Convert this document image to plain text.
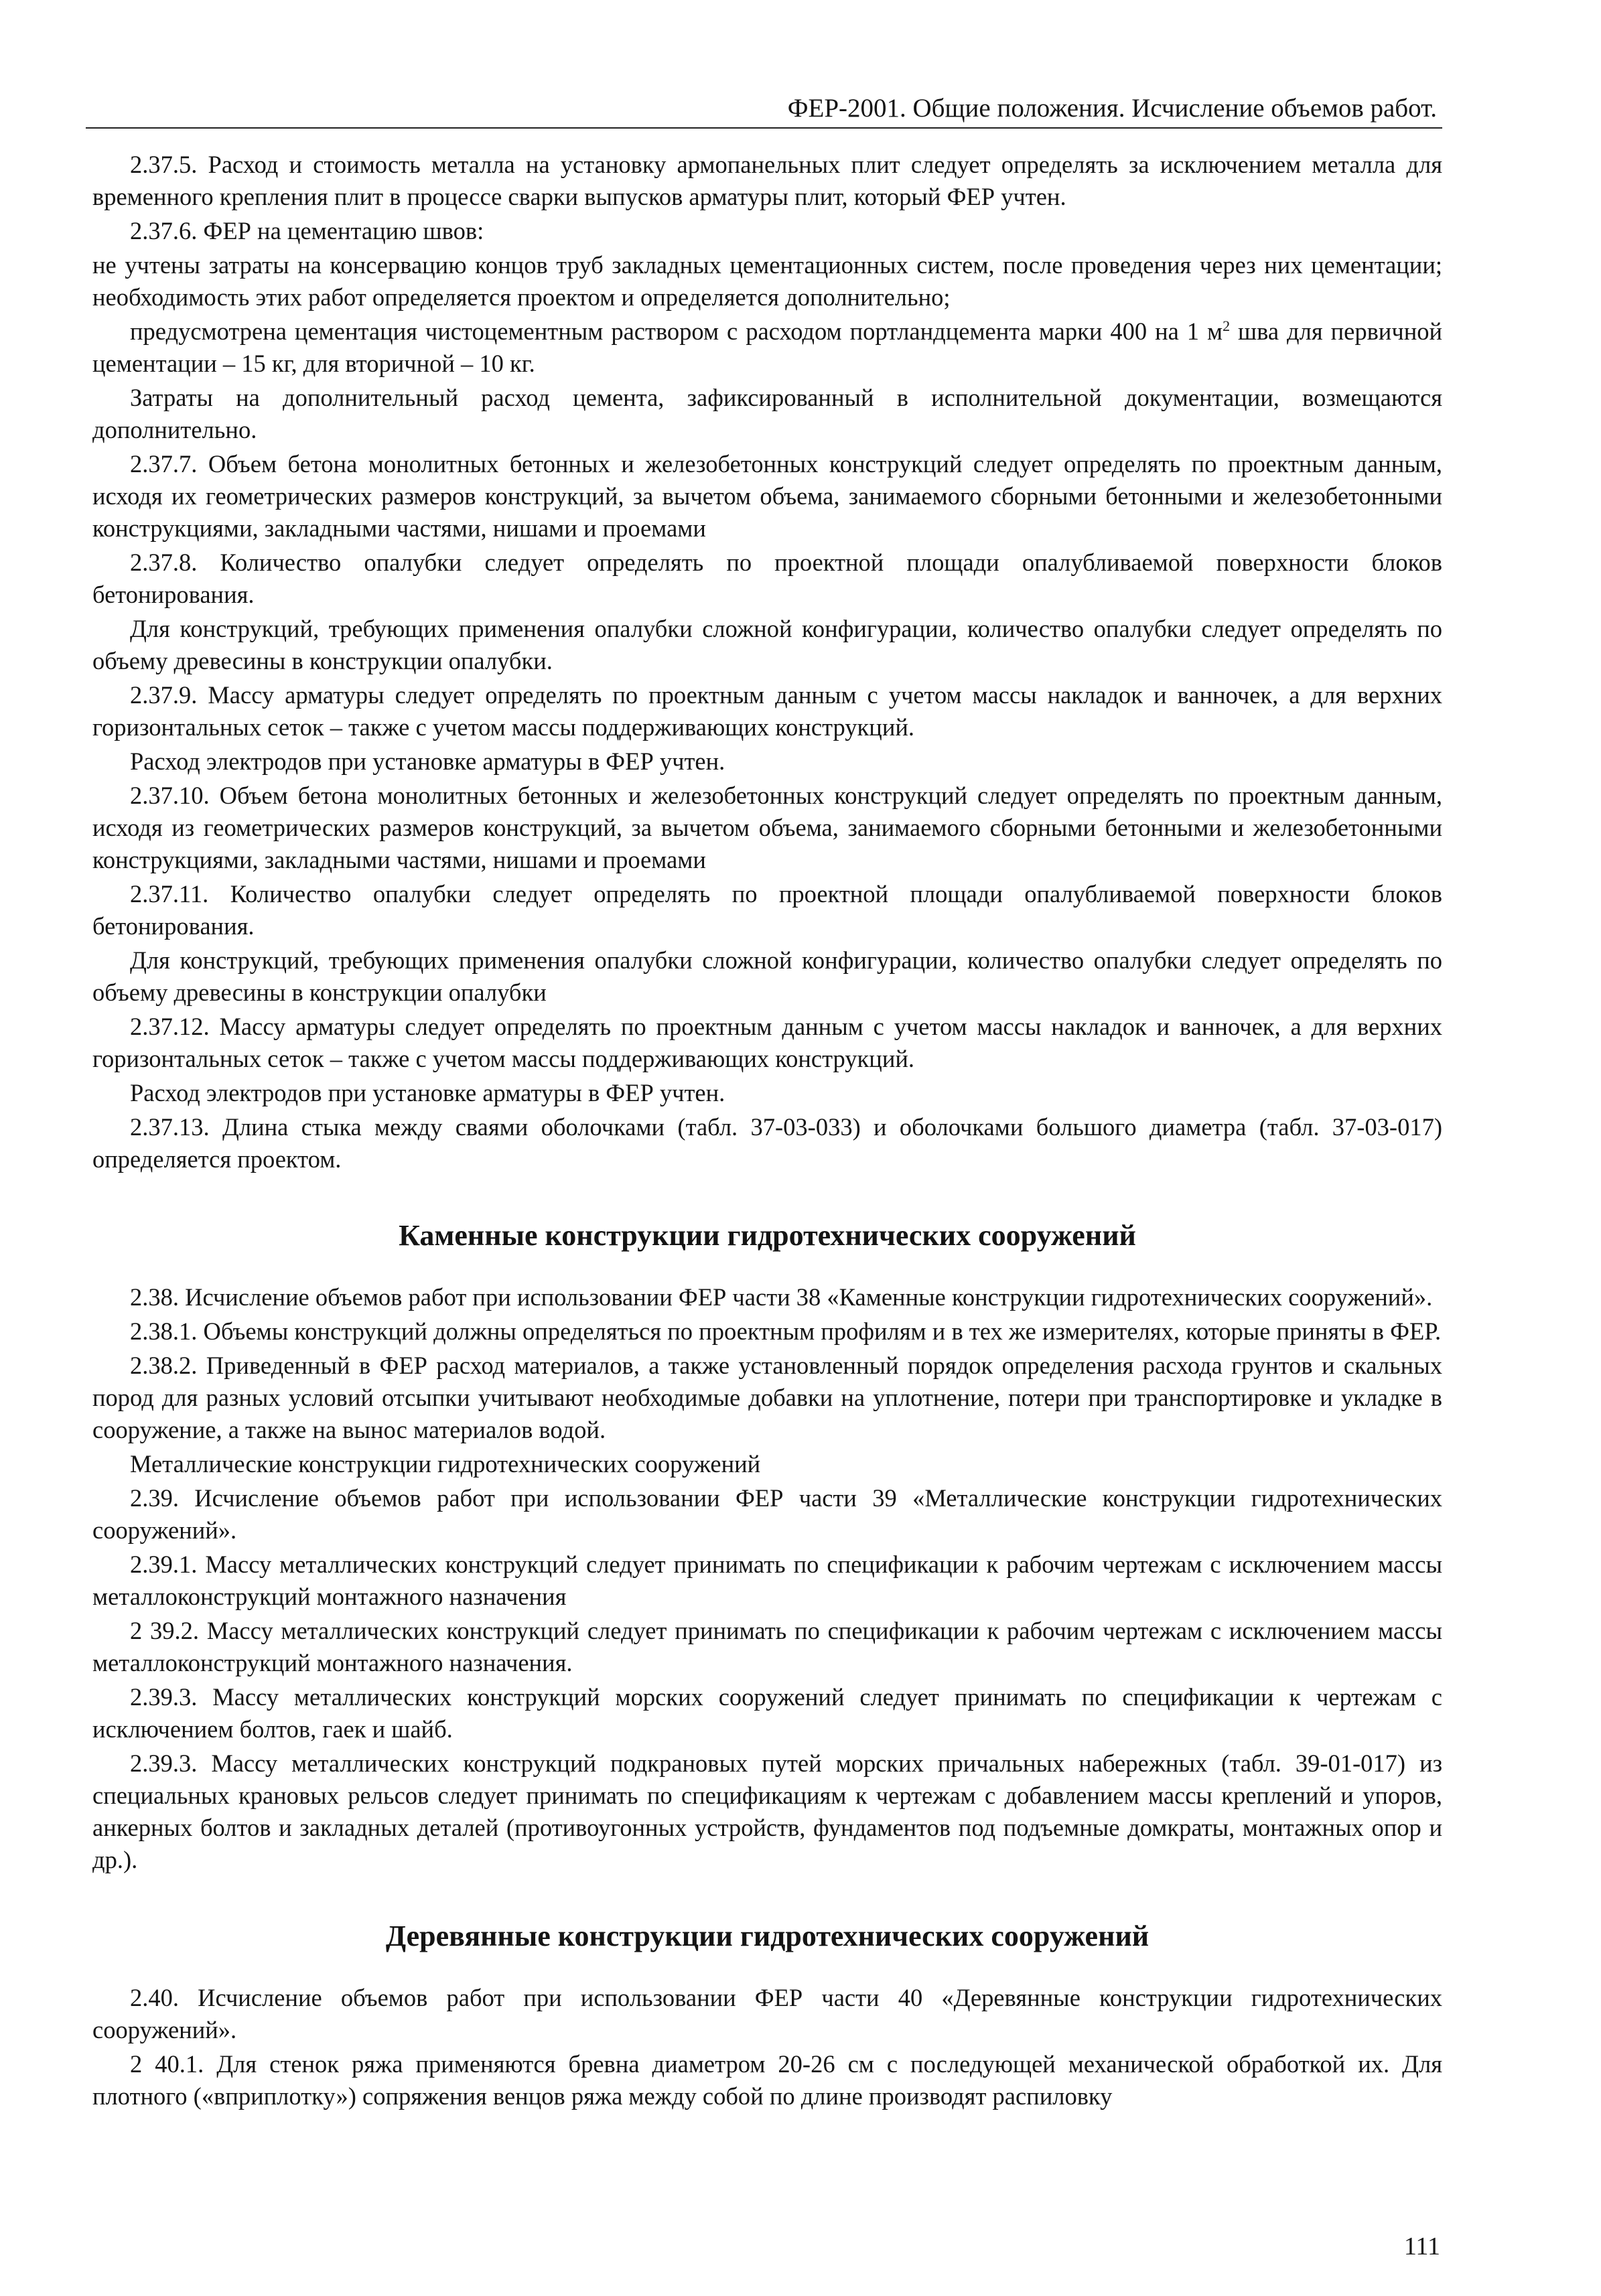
ФЕР-2001. Общие положения. Исчисление объемов работ.

2.37.5. Расход и стоимость металла на установку армопанельных плит следует определять за исключением металла для временного крепления плит в процессе сварки выпусков арматуры плит, который ФЕР учтен.

2.37.6. ФЕР на цементацию швов:

не учтены затраты на консервацию концов труб закладных цементационных систем, после проведения через них цементации; необходимость этих работ определяется проектом и определяется дополнительно;

предусмотрена цементация чистоцементным раствором с расходом портландцемента марки 400 на 1 $м^2$ шва для первичной цементации – 15 кг, для вторичной – 10 кг.

Затраты на дополнительный расход цемента, зафиксированный в исполнительной документации, возмещаются дополнительно.

2.37.7. Объем бетона монолитных бетонных и железобетонных конструкций следует определять по проектным данным, исходя их геометрических размеров конструкций, за вычетом объема, занимаемого сборными бетонными и железобетонными конструкциями, закладными частями, нишами и проемами

2.37.8. Количество опалубки следует определять по проектной площади опалубливаемой поверхности блоков бетонирования.

Для конструкций, требующих применения опалубки сложной конфигурации, количество опалубки следует определять по объему древесины в конструкции опалубки.

2.37.9. Массу арматуры следует определять по проектным данным с учетом массы накладок и ванночек, а для верхних горизонтальных сеток – также с учетом массы поддерживающих конструкций.

Расход электродов при установке арматуры в ФЕР учтен.

2.37.10. Объем бетона монолитных бетонных и железобетонных конструкций следует определять по проектным данным, исходя из геометрических размеров конструкций, за вычетом объема, занимаемого сборными бетонными и железобетонными конструкциями, закладными частями, нишами и проемами

2.37.11. Количество опалубки следует определять по проектной площади опалубливаемой поверхности блоков бетонирования.

Для конструкций, требующих применения опалубки сложной конфигурации, количество опалубки следует определять по объему древесины в конструкции опалубки

2.37.12. Массу арматуры следует определять по проектным данным с учетом массы накладок и ванночек, а для верхних горизонтальных сеток – также с учетом массы поддерживающих конструкций.

Расход электродов при установке арматуры в ФЕР учтен.

2.37.13. Длина стыка между сваями оболочками (табл. 37-03-033) и оболочками большого диаметра (табл. 37-03-017) определяется проектом.

Каменные конструкции гидротехнических сооружений

2.38. Исчисление объемов работ при использовании ФЕР части 38 «Каменные конструкции гидротехнических сооружений».

2.38.1. Объемы конструкций должны определяться по проектным профилям и в тех же измерителях, которые приняты в ФЕР.

2.38.2. Приведенный в ФЕР расход материалов, а также установленный порядок определения расхода грунтов и скальных пород для разных условий отсыпки учитывают необходимые добавки на уплотнение, потери при транспортировке и укладке в сооружение, а также на вынос материалов водой.

Металлические конструкции гидротехнических сооружений

2.39. Исчисление объемов работ при использовании ФЕР части 39 «Металлические конструкции гидротехнических сооружений».

2.39.1. Массу металлических конструкций следует принимать по спецификации к рабочим чертежам с исключением массы металлоконструкций монтажного назначения

2 39.2. Массу металлических конструкций следует принимать по спецификации к рабочим чертежам с исключением массы металлоконструкций монтажного назначения.

2.39.3. Массу металлических конструкций морских сооружений следует принимать по спецификации к чертежам с исключением болтов, гаек и шайб.

2.39.3. Массу металлических конструкций подкрановых путей морских причальных набережных (табл. 39-01-017) из специальных крановых рельсов следует принимать по спецификациям к чертежам с добавлением массы креплений и упоров, анкерных болтов и закладных деталей (противоугонных устройств, фундаментов под подъемные домкраты, монтажных опор и др.).

Деревянные конструкции гидротехнических сооружений

2.40. Исчисление объемов работ при использовании ФЕР части 40 «Деревянные конструкции гидротехнических сооружений».

2 40.1. Для стенок ряжа применяются бревна диаметром 20-26 см с последующей механической обработкой их. Для плотного («вприплотку») сопряжения венцов ряжа между собой по длине производят распиловку

111
